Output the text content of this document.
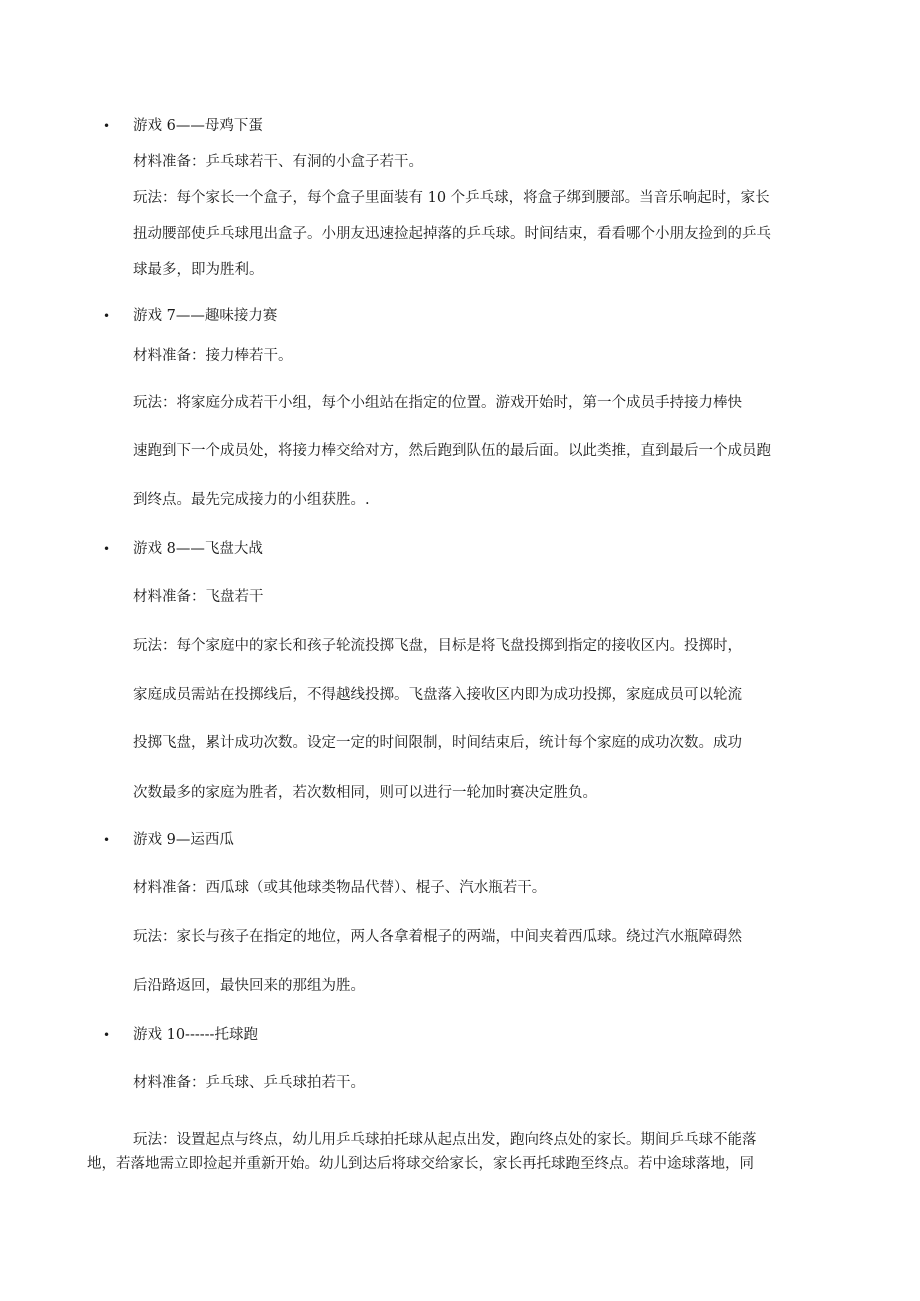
• 游戏 6——母鸡下蛋
材料准备：乒乓球若干、有洞的小盒子若干。
玩法：每个家长一个盒子，每个盒子里面装有 10 个乒乓球，将盒子绑到腰部。当音乐响起时，家长
扭动腰部使乒乓球甩出盒子。小朋友迅速捡起掉落的乒乓球。时间结束，看看哪个小朋友捡到的乒乓
球最多，即为胜利。
• 游戏 7——趣味接力赛
材料准备：接力棒若干。
玩法：将家庭分成若干小组，每个小组站在指定的位置。游戏开始时，第一个成员手持接力棒快
速跑到下一个成员处，将接力棒交给对方，然后跑到队伍的最后面。以此类推，直到最后一个成员跑
到终点。最先完成接力的小组获胜。.
• 游戏 8——飞盘大战
材料准备：飞盘若干
玩法：每个家庭中的家长和孩子轮流投掷飞盘，目标是将飞盘投掷到指定的接收区内。投掷时，
家庭成员需站在投掷线后，不得越线投掷。飞盘落入接收区内即为成功投掷，家庭成员可以轮流
投掷飞盘，累计成功次数。设定一定的时间限制，时间结束后，统计每个家庭的成功次数。成功
次数最多的家庭为胜者，若次数相同，则可以进行一轮加时赛决定胜负。
• 游戏 9—运西瓜
材料准备：西瓜球（或其他球类物品代替）、棍子、汽水瓶若干。
玩法：家长与孩子在指定的地位，两人各拿着棍子的两端，中间夹着西瓜球。绕过汽水瓶障碍然
后沿路返回，最快回来的那组为胜。
• 游戏 10------托球跑
材料准备：乒乓球、乒乓球拍若干。
玩法：设置起点与终点，幼儿用乒乓球拍托球从起点出发，跑向终点处的家长。期间乒乓球不能落
地，若落地需立即捡起并重新开始。幼儿到达后将球交给家长，家长再托球跑至终点。若中途球落地，同
